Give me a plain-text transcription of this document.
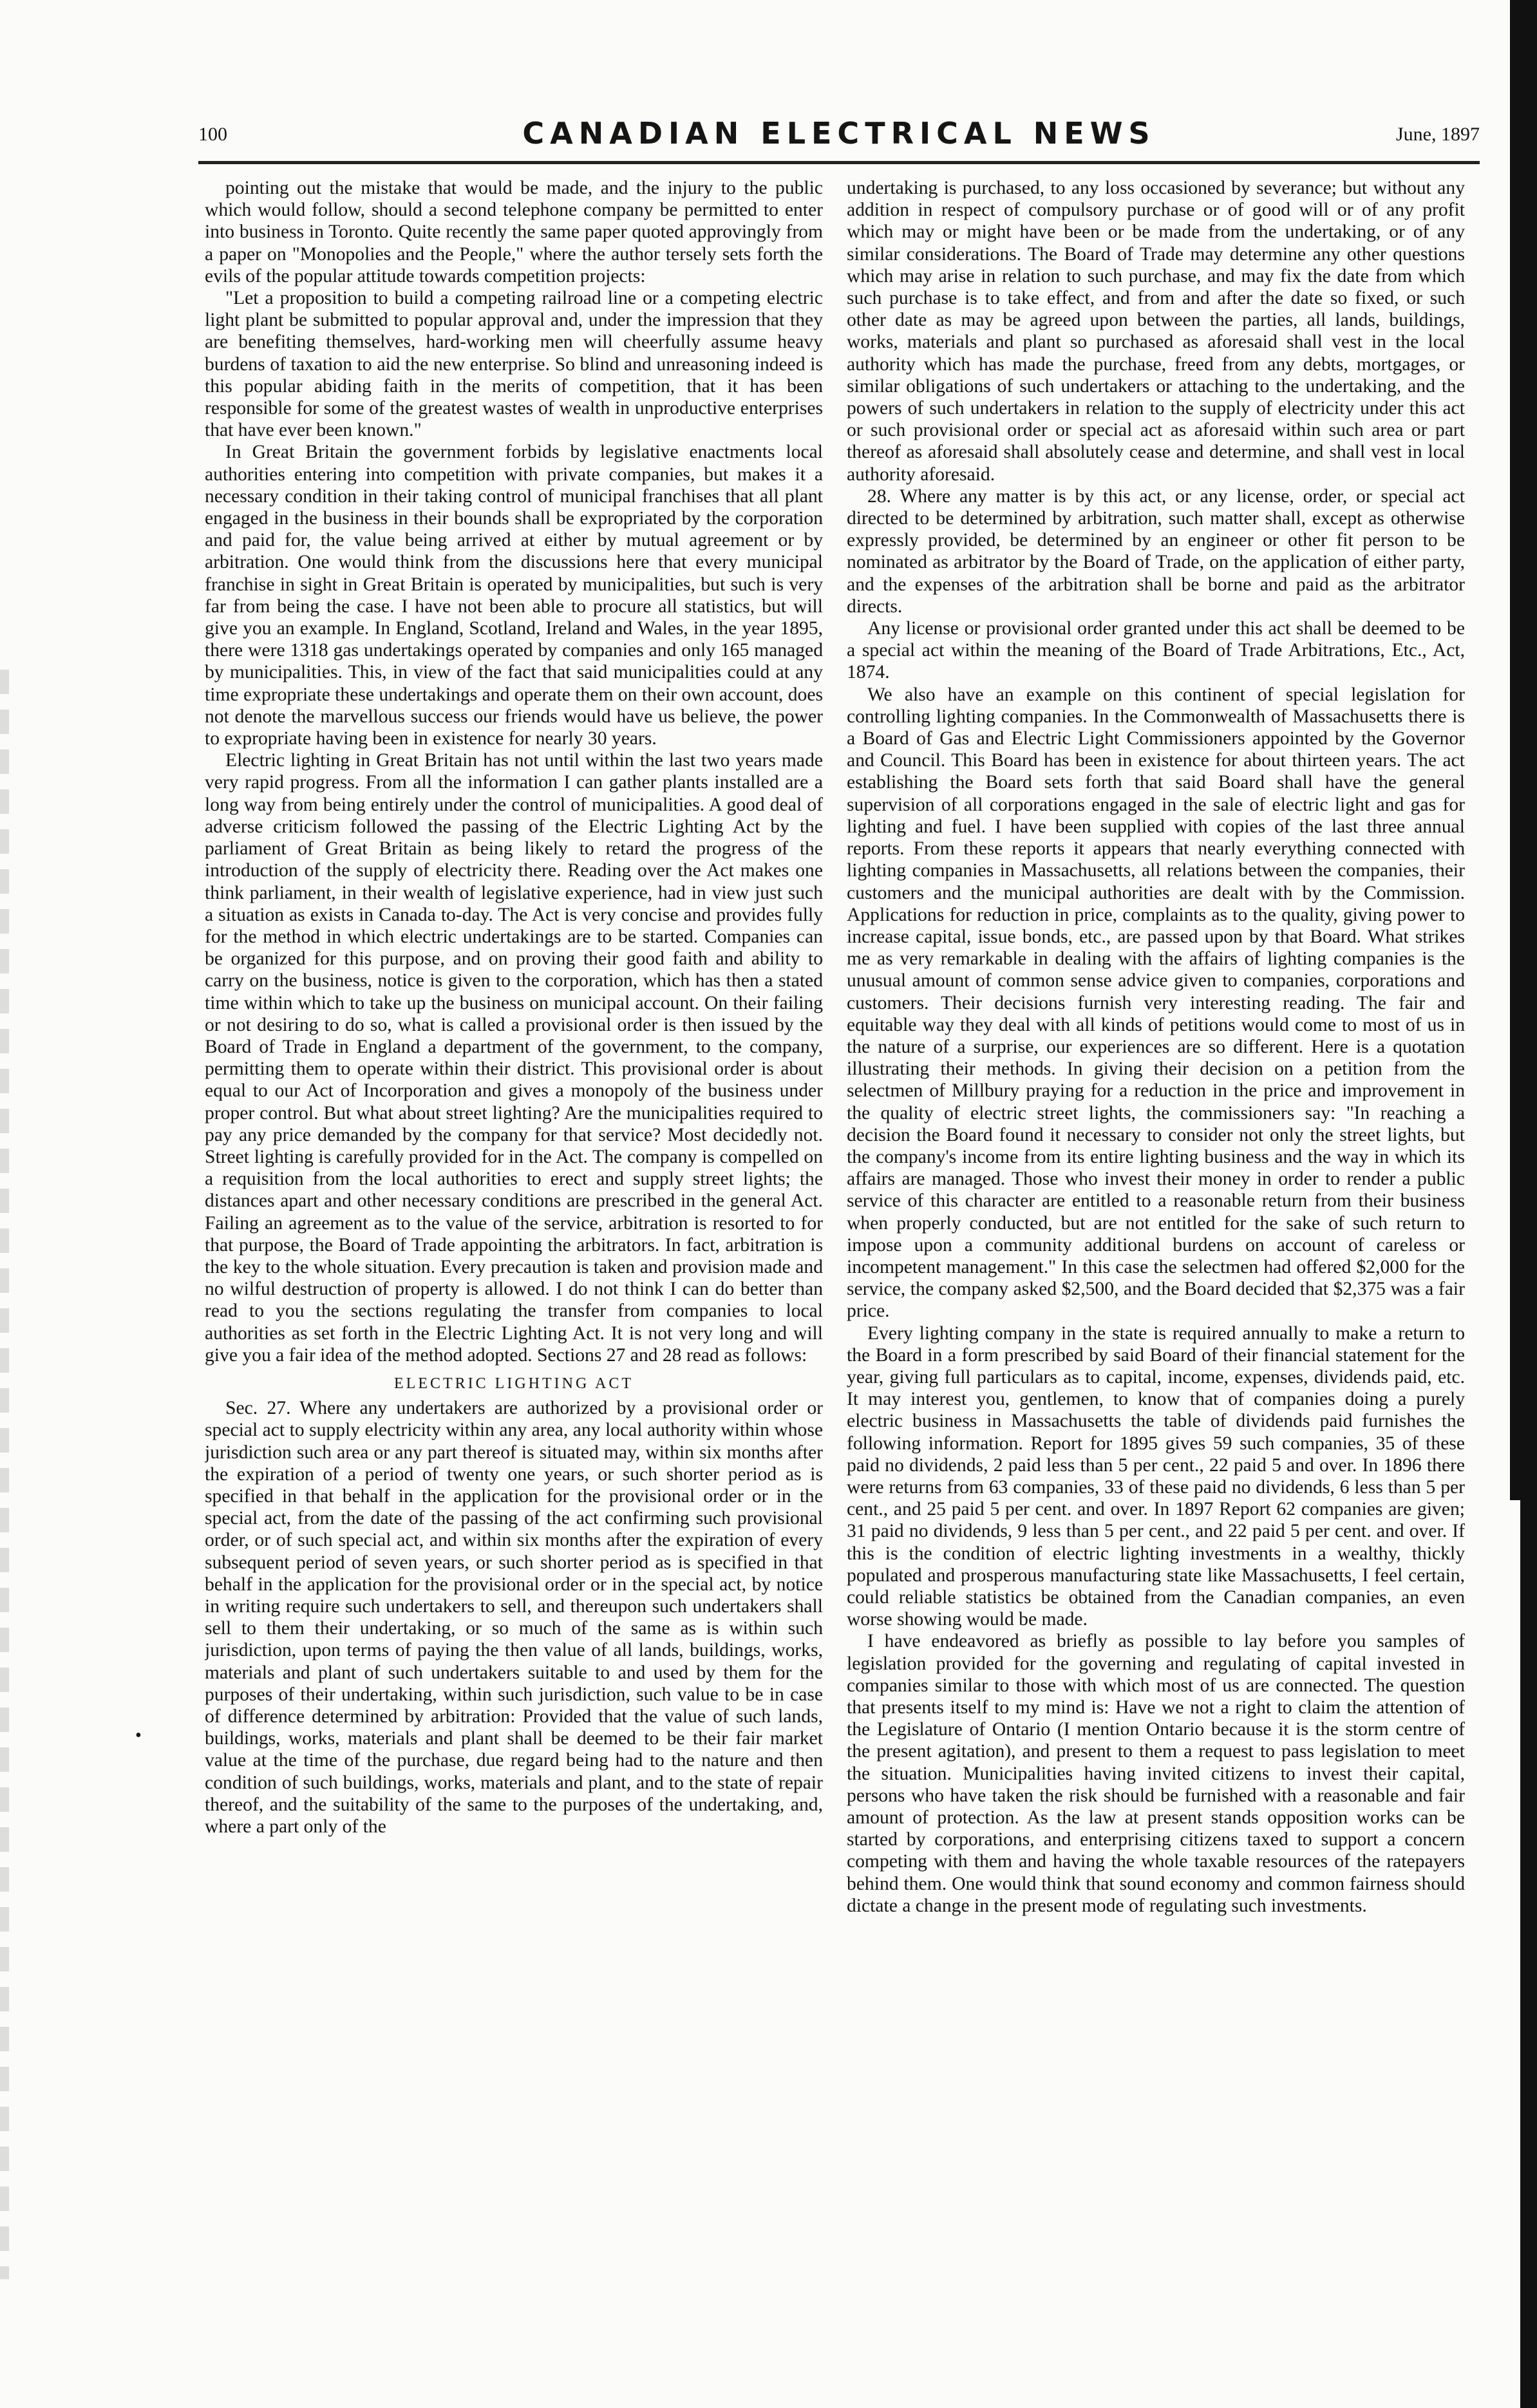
100	CANADIAN ELECTRICAL NEWS	June, 1897
•

pointing out the mistake that would be made, and the injury to the public which would follow, should a second telephone company be permitted to enter into business in Toronto. Quite recently the same paper quoted approvingly from a paper on "Monopolies and the People," where the author tersely sets forth the evils of the popular attitude towards competition projects:

"Let a proposition to build a competing railroad line or a competing electric light plant be submitted to popular approval and, under the impression that they are benefiting themselves, hard-working men will cheerfully assume heavy burdens of taxation to aid the new enterprise. So blind and unreasoning indeed is this popular abiding faith in the merits of competition, that it has been responsible for some of the greatest wastes of wealth in unproductive enterprises that have ever been known."

In Great Britain the government forbids by legislative enactments local authorities entering into competition with private companies, but makes it a necessary condition in their taking control of municipal franchises that all plant engaged in the business in their bounds shall be expropriated by the corporation and paid for, the value being arrived at either by mutual agreement or by arbitration. One would think from the discussions here that every municipal franchise in sight in Great Britain is operated by municipalities, but such is very far from being the case. I have not been able to procure all statistics, but will give you an example. In England, Scotland, Ireland and Wales, in the year 1895, there were 1318 gas undertakings operated by companies and only 165 managed by municipalities. This, in view of the fact that said municipalities could at any time expropriate these undertakings and operate them on their own account, does not denote the marvellous success our friends would have us believe, the power to expropriate having been in existence for nearly 30 years.

Electric lighting in Great Britain has not until within the last two years made very rapid progress. From all the information I can gather plants installed are a long way from being entirely under the control of municipalities. A good deal of adverse criticism followed the passing of the Electric Lighting Act by the parliament of Great Britain as being likely to retard the progress of the introduction of the supply of electricity there. Reading over the Act makes one think parliament, in their wealth of legislative experience, had in view just such a situation as exists in Canada to-day. The Act is very concise and provides fully for the method in which electric undertakings are to be started. Companies can be organized for this purpose, and on proving their good faith and ability to carry on the business, notice is given to the corporation, which has then a stated time within which to take up the business on municipal account. On their failing or not desiring to do so, what is called a provisional order is then issued by the Board of Trade in England a department of the government, to the company, permitting them to operate within their district. This provisional order is about equal to our Act of Incorporation and gives a monopoly of the business under proper control. But what about street lighting? Are the municipalities required to pay any price demanded by the company for that service? Most decidedly not. Street lighting is carefully provided for in the Act. The company is compelled on a requisition from the local authorities to erect and supply street lights; the distances apart and other necessary conditions are prescribed in the general Act. Failing an agreement as to the value of the service, arbitration is resorted to for that purpose, the Board of Trade appointing the arbitrators. In fact, arbitration is the key to the whole situation. Every precaution is taken and provision made and no wilful destruction of property is allowed. I do not think I can do better than read to you the sections regulating the transfer from companies to local authorities as set forth in the Electric Lighting Act. It is not very long and will give you a fair idea of the method adopted. Sections 27 and 28 read as follows:

ELECTRIC LIGHTING ACT

Sec. 27. Where any undertakers are authorized by a provisional order or special act to supply electricity within any area, any local authority within whose jurisdiction such area or any part thereof is situated may, within six months after the expiration of a period of twenty one years, or such shorter period as is specified in that behalf in the application for the provisional order or in the special act, from the date of the passing of the act confirming such provisional order, or of such special act, and within six months after the expiration of every subsequent period of seven years, or such shorter period as is specified in that behalf in the application for the provisional order or in the special act, by notice in writing require such undertakers to sell, and thereupon such undertakers shall sell to them their undertaking, or so much of the same as is within such jurisdiction, upon terms of paying the then value of all lands, buildings, works, materials and plant of such undertakers suitable to and used by them for the purposes of their undertaking, within such jurisdiction, such value to be in case of difference determined by arbitration: Provided that the value of such lands, buildings, works, materials and plant shall be deemed to be their fair market value at the time of the purchase, due regard being had to the nature and then condition of such buildings, works, materials and plant, and to the state of repair thereof, and the suitability of the same to the purposes of the undertaking, and, where a part only of the

undertaking is purchased, to any loss occasioned by severance; but without any addition in respect of compulsory purchase or of good will or of any profit which may or might have been or be made from the undertaking, or of any similar considerations. The Board of Trade may determine any other questions which may arise in relation to such purchase, and may fix the date from which such purchase is to take effect, and from and after the date so fixed, or such other date as may be agreed upon between the parties, all lands, buildings, works, materials and plant so purchased as aforesaid shall vest in the local authority which has made the purchase, freed from any debts, mortgages, or similar obligations of such undertakers or attaching to the undertaking, and the powers of such undertakers in relation to the supply of electricity under this act or such provisional order or special act as aforesaid within such area or part thereof as aforesaid shall absolutely cease and determine, and shall vest in local authority aforesaid.

28. Where any matter is by this act, or any license, order, or special act directed to be determined by arbitration, such matter shall, except as otherwise expressly provided, be determined by an engineer or other fit person to be nominated as arbitrator by the Board of Trade, on the application of either party, and the expenses of the arbitration shall be borne and paid as the arbitrator directs.

Any license or provisional order granted under this act shall be deemed to be a special act within the meaning of the Board of Trade Arbitrations, Etc., Act, 1874.

We also have an example on this continent of special legislation for controlling lighting companies. In the Commonwealth of Massachusetts there is a Board of Gas and Electric Light Commissioners appointed by the Governor and Council. This Board has been in existence for about thirteen years. The act establishing the Board sets forth that said Board shall have the general supervision of all corporations engaged in the sale of electric light and gas for lighting and fuel. I have been supplied with copies of the last three annual reports. From these reports it appears that nearly everything connected with lighting companies in Massachusetts, all relations between the companies, their customers and the municipal authorities are dealt with by the Commission. Applications for reduction in price, complaints as to the quality, giving power to increase capital, issue bonds, etc., are passed upon by that Board. What strikes me as very remarkable in dealing with the affairs of lighting companies is the unusual amount of common sense advice given to companies, corporations and customers. Their decisions furnish very interesting reading. The fair and equitable way they deal with all kinds of petitions would come to most of us in the nature of a surprise, our experiences are so different. Here is a quotation illustrating their methods. In giving their decision on a petition from the selectmen of Millbury praying for a reduction in the price and improvement in the quality of electric street lights, the commissioners say: "In reaching a decision the Board found it necessary to consider not only the street lights, but the company's income from its entire lighting business and the way in which its affairs are managed. Those who invest their money in order to render a public service of this character are entitled to a reasonable return from their business when properly conducted, but are not entitled for the sake of such return to impose upon a community additional burdens on account of careless or incompetent management." In this case the selectmen had offered $2,000 for the service, the company asked $2,500, and the Board decided that $2,375 was a fair price.

Every lighting company in the state is required annually to make a return to the Board in a form prescribed by said Board of their financial statement for the year, giving full particulars as to capital, income, expenses, dividends paid, etc. It may interest you, gentlemen, to know that of companies doing a purely electric business in Massachusetts the table of dividends paid furnishes the following information. Report for 1895 gives 59 such companies, 35 of these paid no dividends, 2 paid less than 5 per cent., 22 paid 5 and over. In 1896 there were returns from 63 companies, 33 of these paid no dividends, 6 less than 5 per cent., and 25 paid 5 per cent. and over. In 1897 Report 62 companies are given; 31 paid no dividends, 9 less than 5 per cent., and 22 paid 5 per cent. and over. If this is the condition of electric lighting investments in a wealthy, thickly populated and prosperous manufacturing state like Massachusetts, I feel certain, could reliable statistics be obtained from the Canadian companies, an even worse showing would be made.

I have endeavored as briefly as possible to lay before you samples of legislation provided for the governing and regulating of capital invested in companies similar to those with which most of us are connected. The question that presents itself to my mind is: Have we not a right to claim the attention of the Legislature of Ontario (I mention Ontario because it is the storm centre of the present agitation), and present to them a request to pass legislation to meet the situation. Municipalities having invited citizens to invest their capital, persons who have taken the risk should be furnished with a reasonable and fair amount of protection. As the law at present stands opposition works can be started by corporations, and enterprising citizens taxed to support a concern competing with them and having the whole taxable resources of the ratepayers behind them. One would think that sound economy and common fairness should dictate a change in the present mode of regulating such investments.
